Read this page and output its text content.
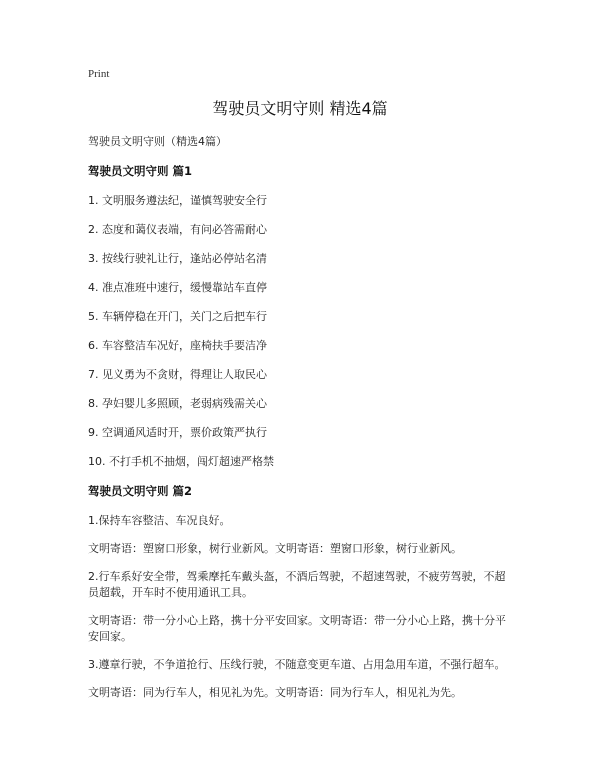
Print
驾驶员文明守则 精选4篇
驾驶员文明守则（精选4篇）
驾驶员文明守则 篇1
1. 文明服务遵法纪，谨慎驾驶安全行
2. 态度和蔼仪表端，有问必答需耐心
3. 按线行驶礼让行，逢站必停站名清
4. 准点准班中速行，缓慢靠站车直停
5. 车辆停稳在开门，关门之后把车行
6. 车容整洁车况好，座椅扶手要洁净
7. 见义勇为不贪财，得理让人取民心
8. 孕妇婴儿多照顾，老弱病残需关心
9. 空调通风适时开，票价政策严执行
10. 不打手机不抽烟，闯灯超速严格禁
驾驶员文明守则 篇2
1.保持车容整洁、车况良好。
文明寄语：塑窗口形象，树行业新风。文明寄语：塑窗口形象，树行业新风。
2.行车系好安全带，驾乘摩托车戴头盔，不酒后驾驶，不超速驾驶，不疲劳驾驶，不超员超载，开车时不使用通讯工具。
文明寄语：带一分小心上路，携十分平安回家。文明寄语：带一分小心上路，携十分平安回家。
3.遵章行驶，不争道抢行、压线行驶，不随意变更车道、占用急用车道，不强行超车。
文明寄语：同为行车人，相见礼为先。文明寄语：同为行车人，相见礼为先。
